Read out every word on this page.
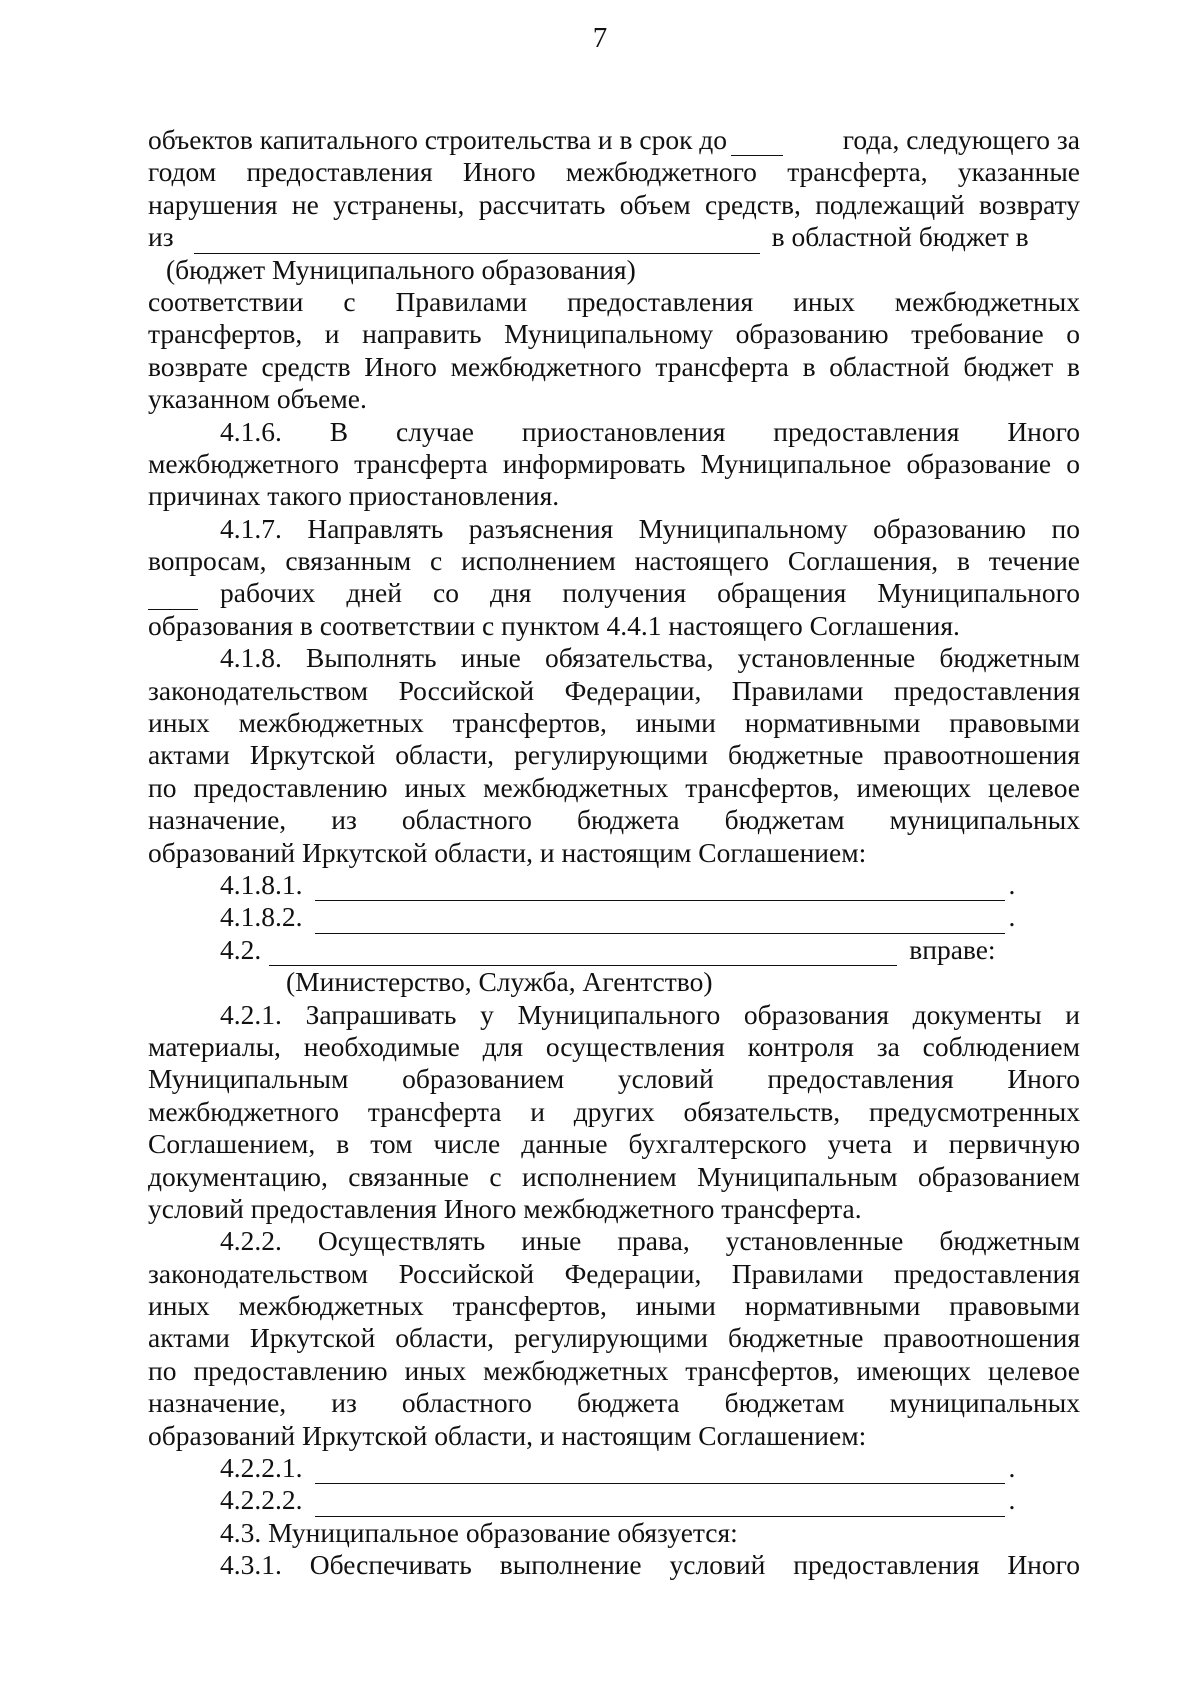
7
объектов капитального строительства и в срок до	года, следующего за
годом предоставления Иного межбюджетного трансферта, указанные
нарушения не устранены, рассчитать объем средств, подлежащий возврату
из	в областной бюджет в
(бюджет Муниципального образования)
соответствии с Правилами предоставления иных межбюджетных
трансфертов, и направить Муниципальному образованию требование о
возврате средств Иного межбюджетного трансферта в областной бюджет в
указанном объеме.
4.1.6. В случае приостановления предоставления Иного
межбюджетного трансферта информировать Муниципальное образование о
причинах такого приостановления.
4.1.7. Направлять разъяснения Муниципальному образованию по
вопросам, связанным с исполнением настоящего Соглашения, в течение
рабочих дней со дня получения обращения Муниципального
образования в соответствии с пунктом 4.4.1 настоящего Соглашения.
4.1.8. Выполнять иные обязательства, установленные бюджетным
законодательством Российской Федерации, Правилами предоставления
иных межбюджетных трансфертов, иными нормативными правовыми
актами Иркутской области, регулирующими бюджетные правоотношения
по предоставлению иных межбюджетных трансфертов, имеющих целевое
назначение, из областного бюджета бюджетам муниципальных
образований Иркутской области, и настоящим Соглашением:
4.1.8.1.	.
4.1.8.2.	.
4.2.	вправе:
(Министерство, Служба, Агентство)
4.2.1. Запрашивать у Муниципального образования документы и
материалы, необходимые для осуществления контроля за соблюдением
Муниципальным образованием условий предоставления Иного
межбюджетного трансферта и других обязательств, предусмотренных
Соглашением, в том числе данные бухгалтерского учета и первичную
документацию, связанные с исполнением Муниципальным образованием
условий предоставления Иного межбюджетного трансферта.
4.2.2. Осуществлять иные права, установленные бюджетным
законодательством Российской Федерации, Правилами предоставления
иных межбюджетных трансфертов, иными нормативными правовыми
актами Иркутской области, регулирующими бюджетные правоотношения
по предоставлению иных межбюджетных трансфертов, имеющих целевое
назначение, из областного бюджета бюджетам муниципальных
образований Иркутской области, и настоящим Соглашением:
4.2.2.1.	.
4.2.2.2.	.
4.3. Муниципальное образование обязуется:
4.3.1. Обеспечивать выполнение условий предоставления Иного
